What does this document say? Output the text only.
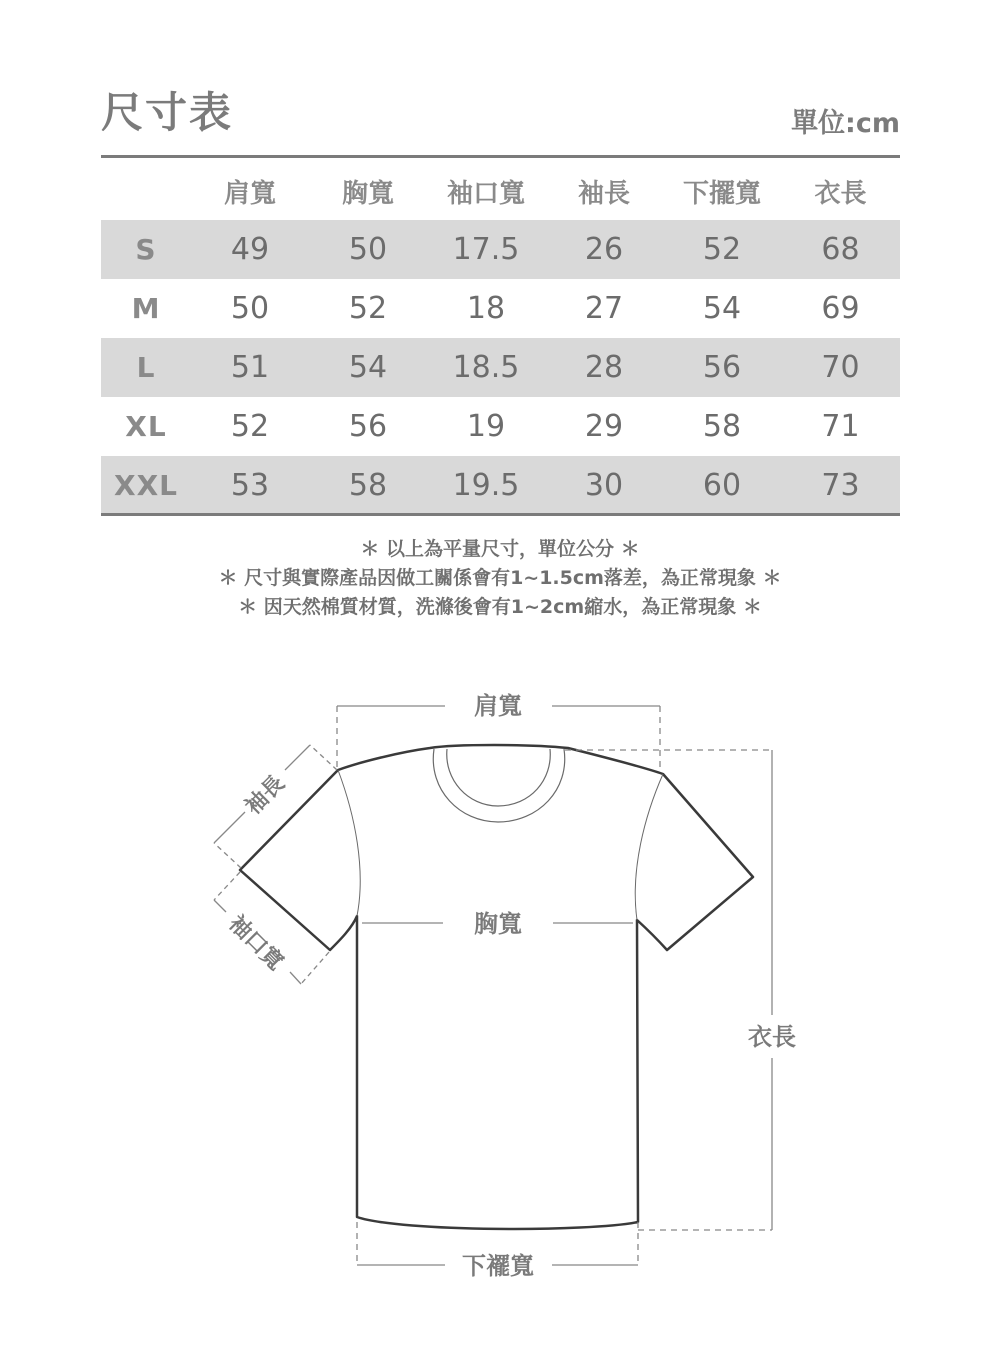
尺寸表	單位:cm
	肩寬	胸寬	袖口寬	袖長	下擺寬	衣長
S	49	50	17.5	26	52	68
M	50	52	18	27	54	69
L	51	54	18.5	28	56	70
XL	52	56	19	29	58	71
XXL	53	58	19.5	30	60	73
＊ 以上為平量尺寸，單位公分 ＊
＊ 尺寸與實際產品因做工關係會有1~1.5cm落差，為正常現象 ＊
＊ 因天然棉質材質，洗滌後會有1~2cm縮水，為正常現象 ＊
肩寬
胸寬
衣長
下襬寬
袖長
袖口寬
